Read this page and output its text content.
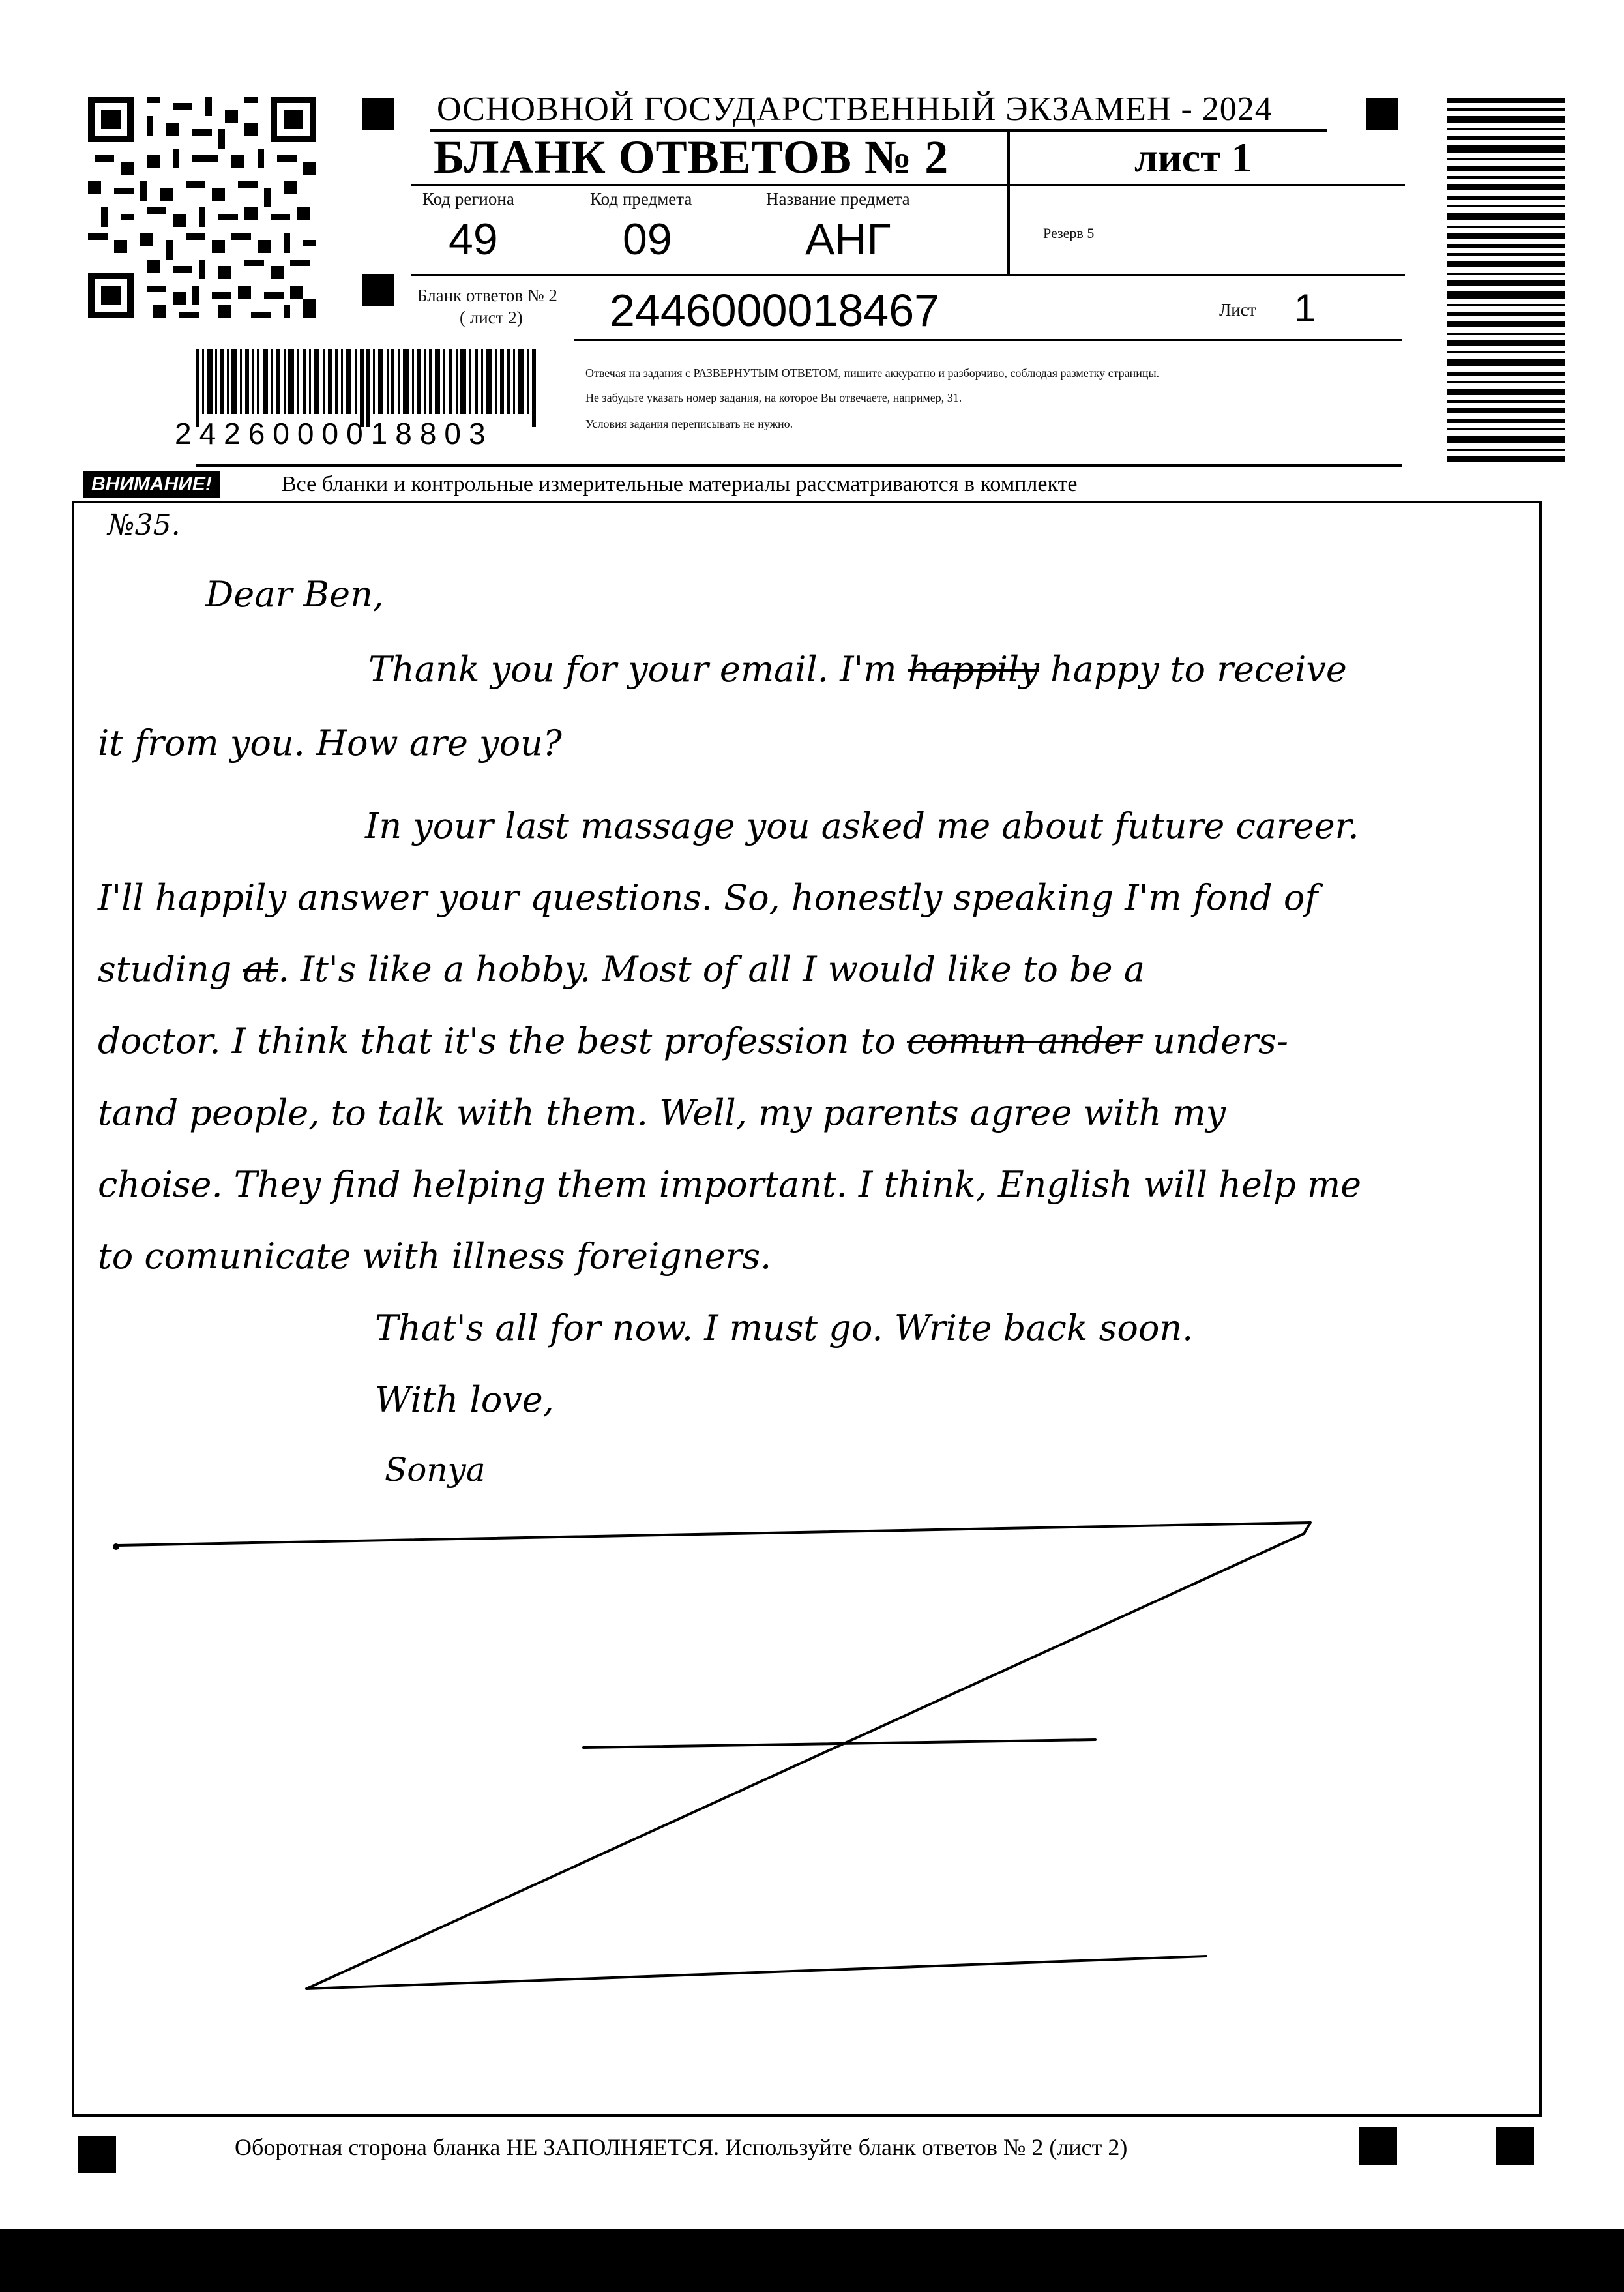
ОСНОВНОЙ ГОСУДАРСТВЕННЫЙ ЭКЗАМЕН - 2024
БЛАНК ОТВЕТОВ № 2	лист 1
Код региона	Код предмета	Название предмета
49	09	АНГ	Резерв 5
Бланк ответов № 2
( лист 2) 2446000018467	Лист 1
2426000018803
Отвечая на задания с РАЗВЕРНУТЫМ ОТВЕТОМ, пишите аккуратно и разборчиво, соблюдая разметку страницы.
Не забудьте указать номер задания, на которое Вы отвечаете, например, 31.
Условия задания переписывать не нужно.
ВНИМАНИЕ!	Все бланки и контрольные измерительные материалы рассматриваются в комплекте
№35.
Dear Ben,
Thank you for your email. I'm happily happy to receive
it from you. How are you?
In your last massage you asked me about future career.
I'll happily answer your questions. So, honestly speaking I'm fond of
studing at. It's like a hobby. Most of all I would like to be a
doctor. I think that it's the best profession to comun ander unders-
tand people, to talk with them. Well, my parents agree with my
choise. They find helping them important. I think, English will help me
to comunicate with illness foreigners.
That's all for now. I must go. Write back soon.
With love,
Sonya
Оборотная сторона бланка НЕ ЗАПОЛНЯЕТСЯ. Используйте бланк ответов № 2 (лист 2)
